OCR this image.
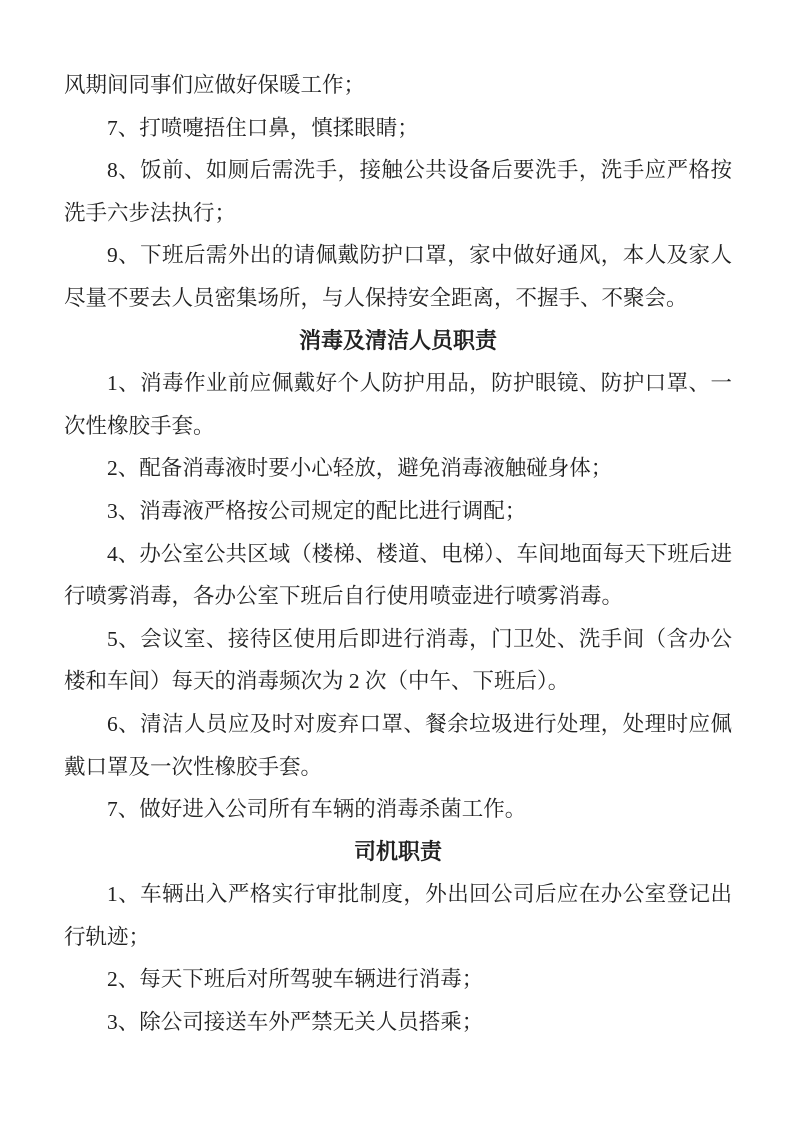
风期间同事们应做好保暖工作；

7、打喷嚏捂住口鼻，慎揉眼睛；

8、饭前、如厕后需洗手，接触公共设备后要洗手，洗手应严格按洗手六步法执行；

9、下班后需外出的请佩戴防护口罩，家中做好通风，本人及家人尽量不要去人员密集场所，与人保持安全距离，不握手、不聚会。

消毒及清洁人员职责

1、消毒作业前应佩戴好个人防护用品，防护眼镜、防护口罩、一次性橡胶手套。

2、配备消毒液时要小心轻放，避免消毒液触碰身体；

3、消毒液严格按公司规定的配比进行调配；

4、办公室公共区域（楼梯、楼道、电梯）、车间地面每天下班后进行喷雾消毒，各办公室下班后自行使用喷壶进行喷雾消毒。

5、会议室、接待区使用后即进行消毒，门卫处、洗手间（含办公楼和车间）每天的消毒频次为 2 次（中午、下班后）。

6、清洁人员应及时对废弃口罩、餐余垃圾进行处理，处理时应佩戴口罩及一次性橡胶手套。

7、做好进入公司所有车辆的消毒杀菌工作。

司机职责

1、车辆出入严格实行审批制度，外出回公司后应在办公室登记出行轨迹；

2、每天下班后对所驾驶车辆进行消毒；

3、除公司接送车外严禁无关人员搭乘；
